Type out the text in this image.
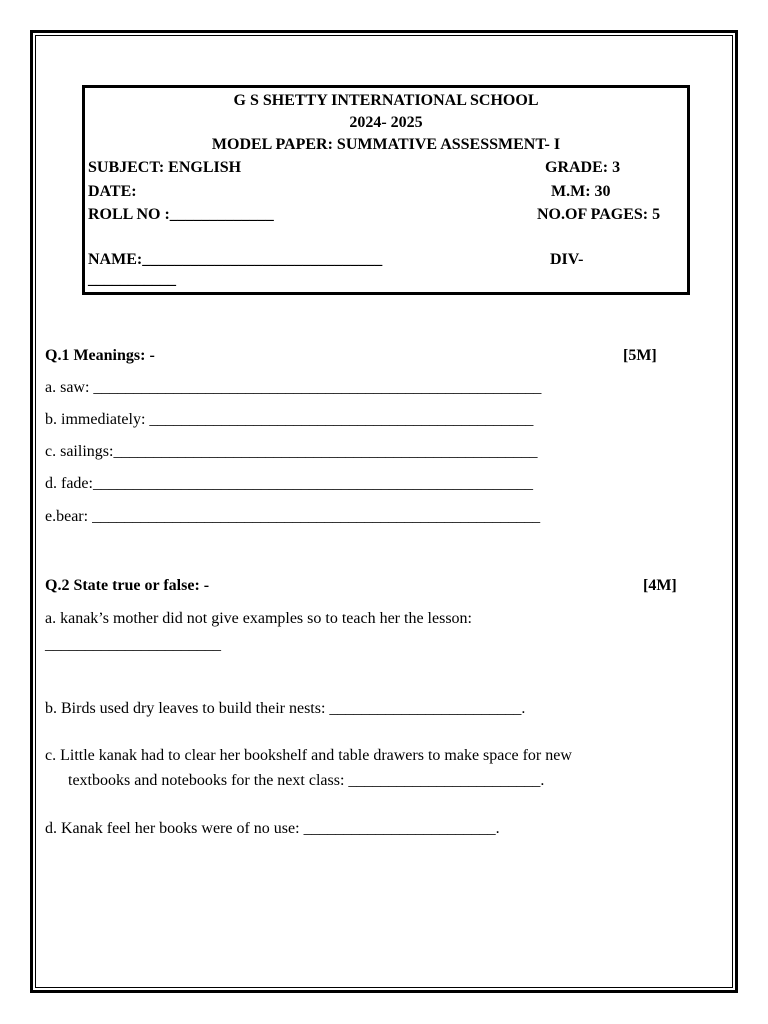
G S SHETTY INTERNATIONAL SCHOOL
2024- 2025
MODEL PAPER: SUMMATIVE ASSESSMENT- I
SUBJECT: ENGLISH	GRADE: 3
DATE:	M.M: 30
ROLL NO :_____________	NO.OF PAGES: 5
NAME:______________________________	DIV-
___________
Q.1 Meanings: -	[5M]
a. saw: ________________________________________________________
b. immediately: ________________________________________________
c. sailings:_____________________________________________________
d. fade:_______________________________________________________
e.bear: ________________________________________________________
Q.2 State true or false: -	[4M]
a. kanak’s mother did not give examples so to teach her the lesson:
______________________
b. Birds used dry leaves to build their nests: ________________________.
c. Little kanak had to clear her bookshelf and table drawers to make space for new
textbooks and notebooks for the next class: ________________________.
d. Kanak feel her books were of no use: ________________________.
